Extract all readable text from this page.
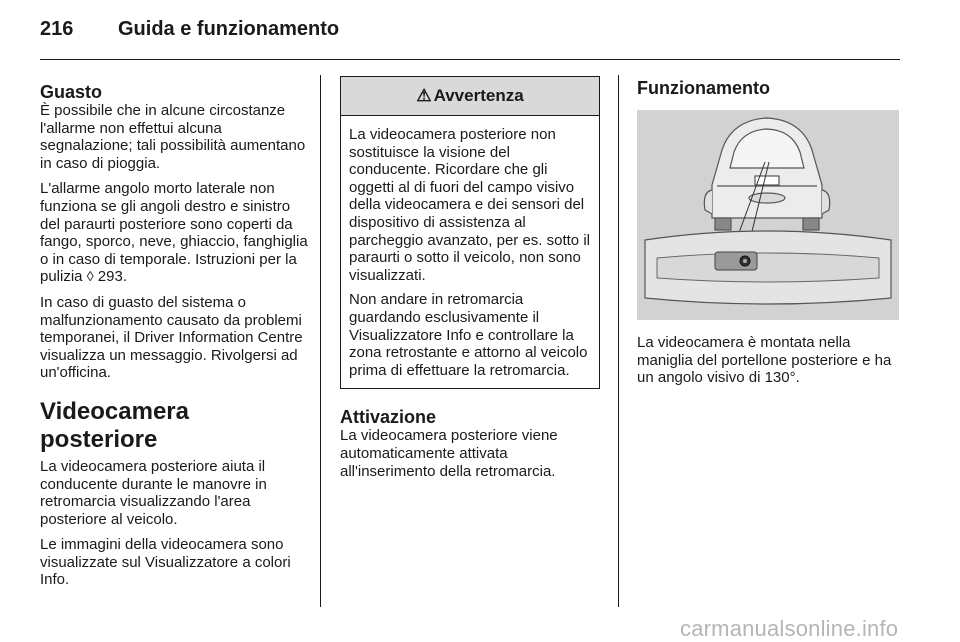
216 Guida e funzionamento
Guasto

È possibile che in alcune circostanze l'allarme non effettui alcuna segnalazione; tali possibilità aumentano in caso di pioggia.

L'allarme angolo morto laterale non funziona se gli angoli destro e sinistro del paraurti posteriore sono coperti da fango, sporco, neve, ghiaccio, fanghiglia o in caso di temporale. Istruzioni per la pulizia ◊ 293.

In caso di guasto del sistema o malfunzionamento causato da problemi temporanei, il Driver Information Centre visualizza un messaggio. Rivolgersi ad un'officina.

Videocamera posteriore

La videocamera posteriore aiuta il conducente durante le manovre in retromarcia visualizzando l'area posteriore al veicolo.

Le immagini della videocamera sono visualizzate sul Visualizzatore a colori Info.

⚠ Avvertenza

La videocamera posteriore non sostituisce la visione del conducente. Ricordare che gli oggetti al di fuori del campo visivo della videocamera e dei sensori del dispositivo di assistenza al parcheggio avanzato, per es. sotto il paraurti o sotto il veicolo, non sono visualizzati.

Non andare in retromarcia guardando esclusivamente il Visualizzatore Info e controllare la zona retrostante e attorno al veicolo prima di effettuare la retromarcia.

Attivazione

La videocamera posteriore viene automaticamente attivata all'inserimento della retromarcia.

Funzionamento

La videocamera è montata nella maniglia del portellone posteriore e ha un angolo visivo di 130°.

carmanualsonline.info
